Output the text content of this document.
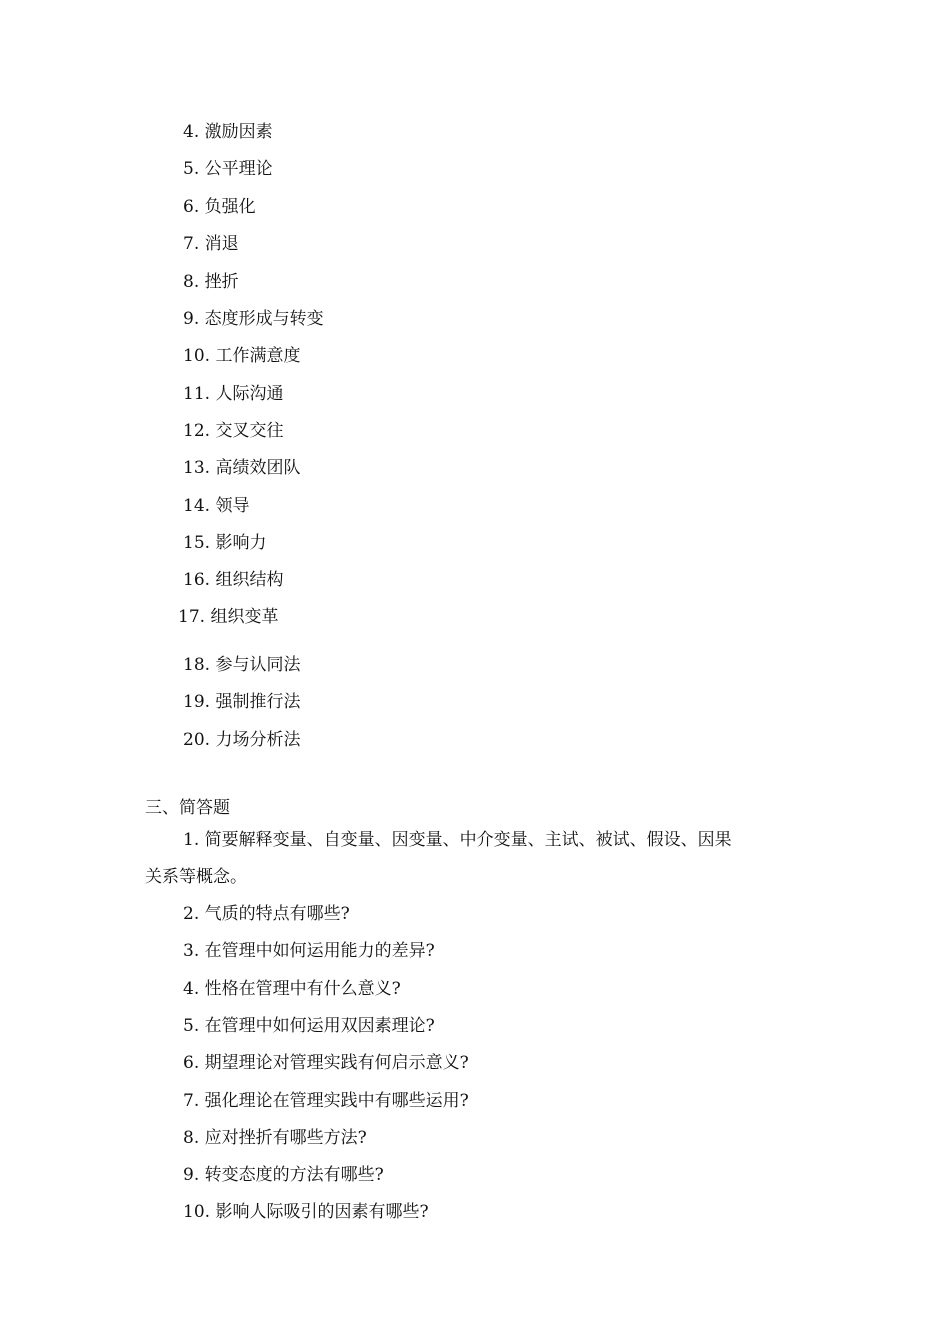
4. 激励因素
5. 公平理论
6. 负强化
7. 消退
8. 挫折
9. 态度形成与转变
10. 工作满意度
11. 人际沟通
12. 交叉交往
13. 高绩效团队
14. 领导
15. 影响力
16. 组织结构
17. 组织变革
18. 参与认同法
19. 强制推行法
20. 力场分析法
三、简答题
1. 简要解释变量、自变量、因变量、中介变量、主试、被试、假设、因果
关系等概念。
2. 气质的特点有哪些?
3. 在管理中如何运用能力的差异?
4. 性格在管理中有什么意义?
5. 在管理中如何运用双因素理论?
6. 期望理论对管理实践有何启示意义?
7. 强化理论在管理实践中有哪些运用?
8. 应对挫折有哪些方法?
9. 转变态度的方法有哪些?
10. 影响人际吸引的因素有哪些?
